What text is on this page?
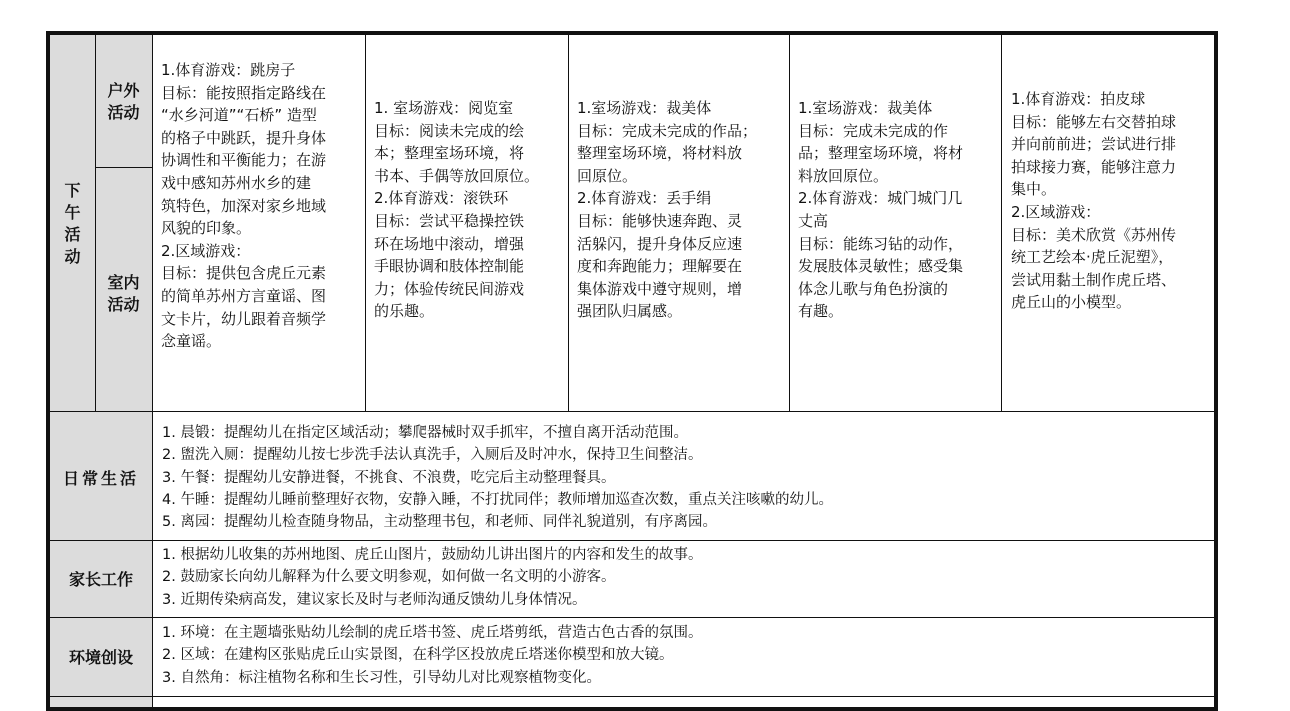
下
午
活
动
户外
活动
室内
活动
1.体育游戏：跳房子
目标：能按照指定路线在
“水乡河道”“石桥” 造型
的格子中跳跃，提升身体
协调性和平衡能力；在游
戏中感知苏州水乡的建
筑特色，加深对家乡地域
风貌的印象。
2.区域游戏：
目标：提供包含虎丘元素
的简单苏州方言童谣、图
文卡片，幼儿跟着音频学
念童谣。
1. 室场游戏：阅览室
目标：阅读未完成的绘
本；整理室场环境，将
书本、手偶等放回原位。
2.体育游戏：滚铁环
目标：尝试平稳操控铁
环在场地中滚动，增强
手眼协调和肢体控制能
力；体验传统民间游戏
的乐趣。
1.室场游戏：裁美体
目标：完成未完成的作品；
整理室场环境，将材料放
回原位。
2.体育游戏：丢手绢
目标：能够快速奔跑、灵
活躲闪，提升身体反应速
度和奔跑能力；理解要在
集体游戏中遵守规则，增
强团队归属感。
1.室场游戏：裁美体
目标：完成未完成的作
品；整理室场环境，将材
料放回原位。
2.体育游戏：城门城门几
丈高
目标：能练习钻的动作，
发展肢体灵敏性；感受集
体念儿歌与角色扮演的
有趣。
1.体育游戏：拍皮球
目标：能够左右交替拍球
并向前前进；尝试进行排
拍球接力赛，能够注意力
集中。
2.区域游戏：
目标：美术欣赏《苏州传
统工艺绘本·虎丘泥塑》，
尝试用黏土制作虎丘塔、
虎丘山的小模型。
日常生活
1. 晨锻：提醒幼儿在指定区域活动；攀爬器械时双手抓牢，不擅自离开活动范围。
2. 盥洗入厕：提醒幼儿按七步洗手法认真洗手，入厕后及时冲水，保持卫生间整洁。
3. 午餐：提醒幼儿安静进餐，不挑食、不浪费，吃完后主动整理餐具。
4. 午睡：提醒幼儿睡前整理好衣物，安静入睡，不打扰同伴；教师增加巡查次数，重点关注咳嗽的幼儿。
5. 离园：提醒幼儿检查随身物品，主动整理书包，和老师、同伴礼貌道别，有序离园。
家长工作
1. 根据幼儿收集的苏州地图、虎丘山图片，鼓励幼儿讲出图片的内容和发生的故事。
2. 鼓励家长向幼儿解释为什么要文明参观，如何做一名文明的小游客。
3. 近期传染病高发，建议家长及时与老师沟通反馈幼儿身体情况。
环境创设
1. 环境：在主题墙张贴幼儿绘制的虎丘塔书签、虎丘塔剪纸，营造古色古香的氛围。
2. 区域：在建构区张贴虎丘山实景图，在科学区投放虎丘塔迷你模型和放大镜。
3. 自然角：标注植物名称和生长习性，引导幼儿对比观察植物变化。
